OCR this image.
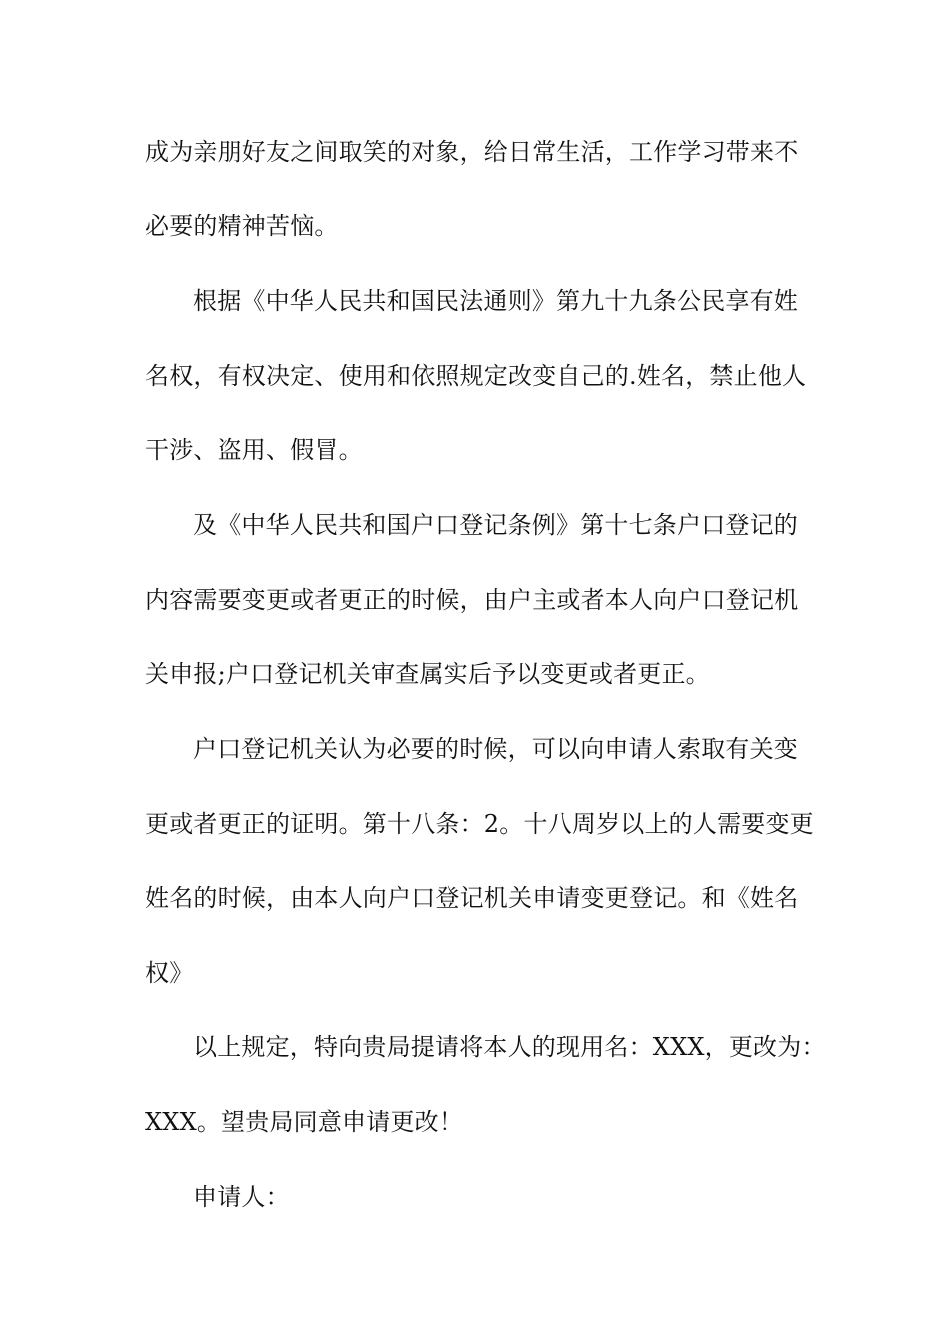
成为亲朋好友之间取笑的对象，给日常生活，工作学习带来不
必要的精神苦恼。
根据《中华人民共和国民法通则》第九十九条公民享有姓
名权，有权决定、使用和依照规定改变自己的.姓名，禁止他人
干涉、盗用、假冒。
及《中华人民共和国户口登记条例》第十七条户口登记的
内容需要变更或者更正的时候，由户主或者本人向户口登记机
关申报;户口登记机关审查属实后予以变更或者更正。
户口登记机关认为必要的时候，可以向申请人索取有关变
更或者更正的证明。第十八条：2。十八周岁以上的人需要变更
姓名的时候，由本人向户口登记机关申请变更登记。和《姓名
权》
以上规定，特向贵局提请将本人的现用名：XXX，更改为：
XXX。望贵局同意申请更改！
申请人：
